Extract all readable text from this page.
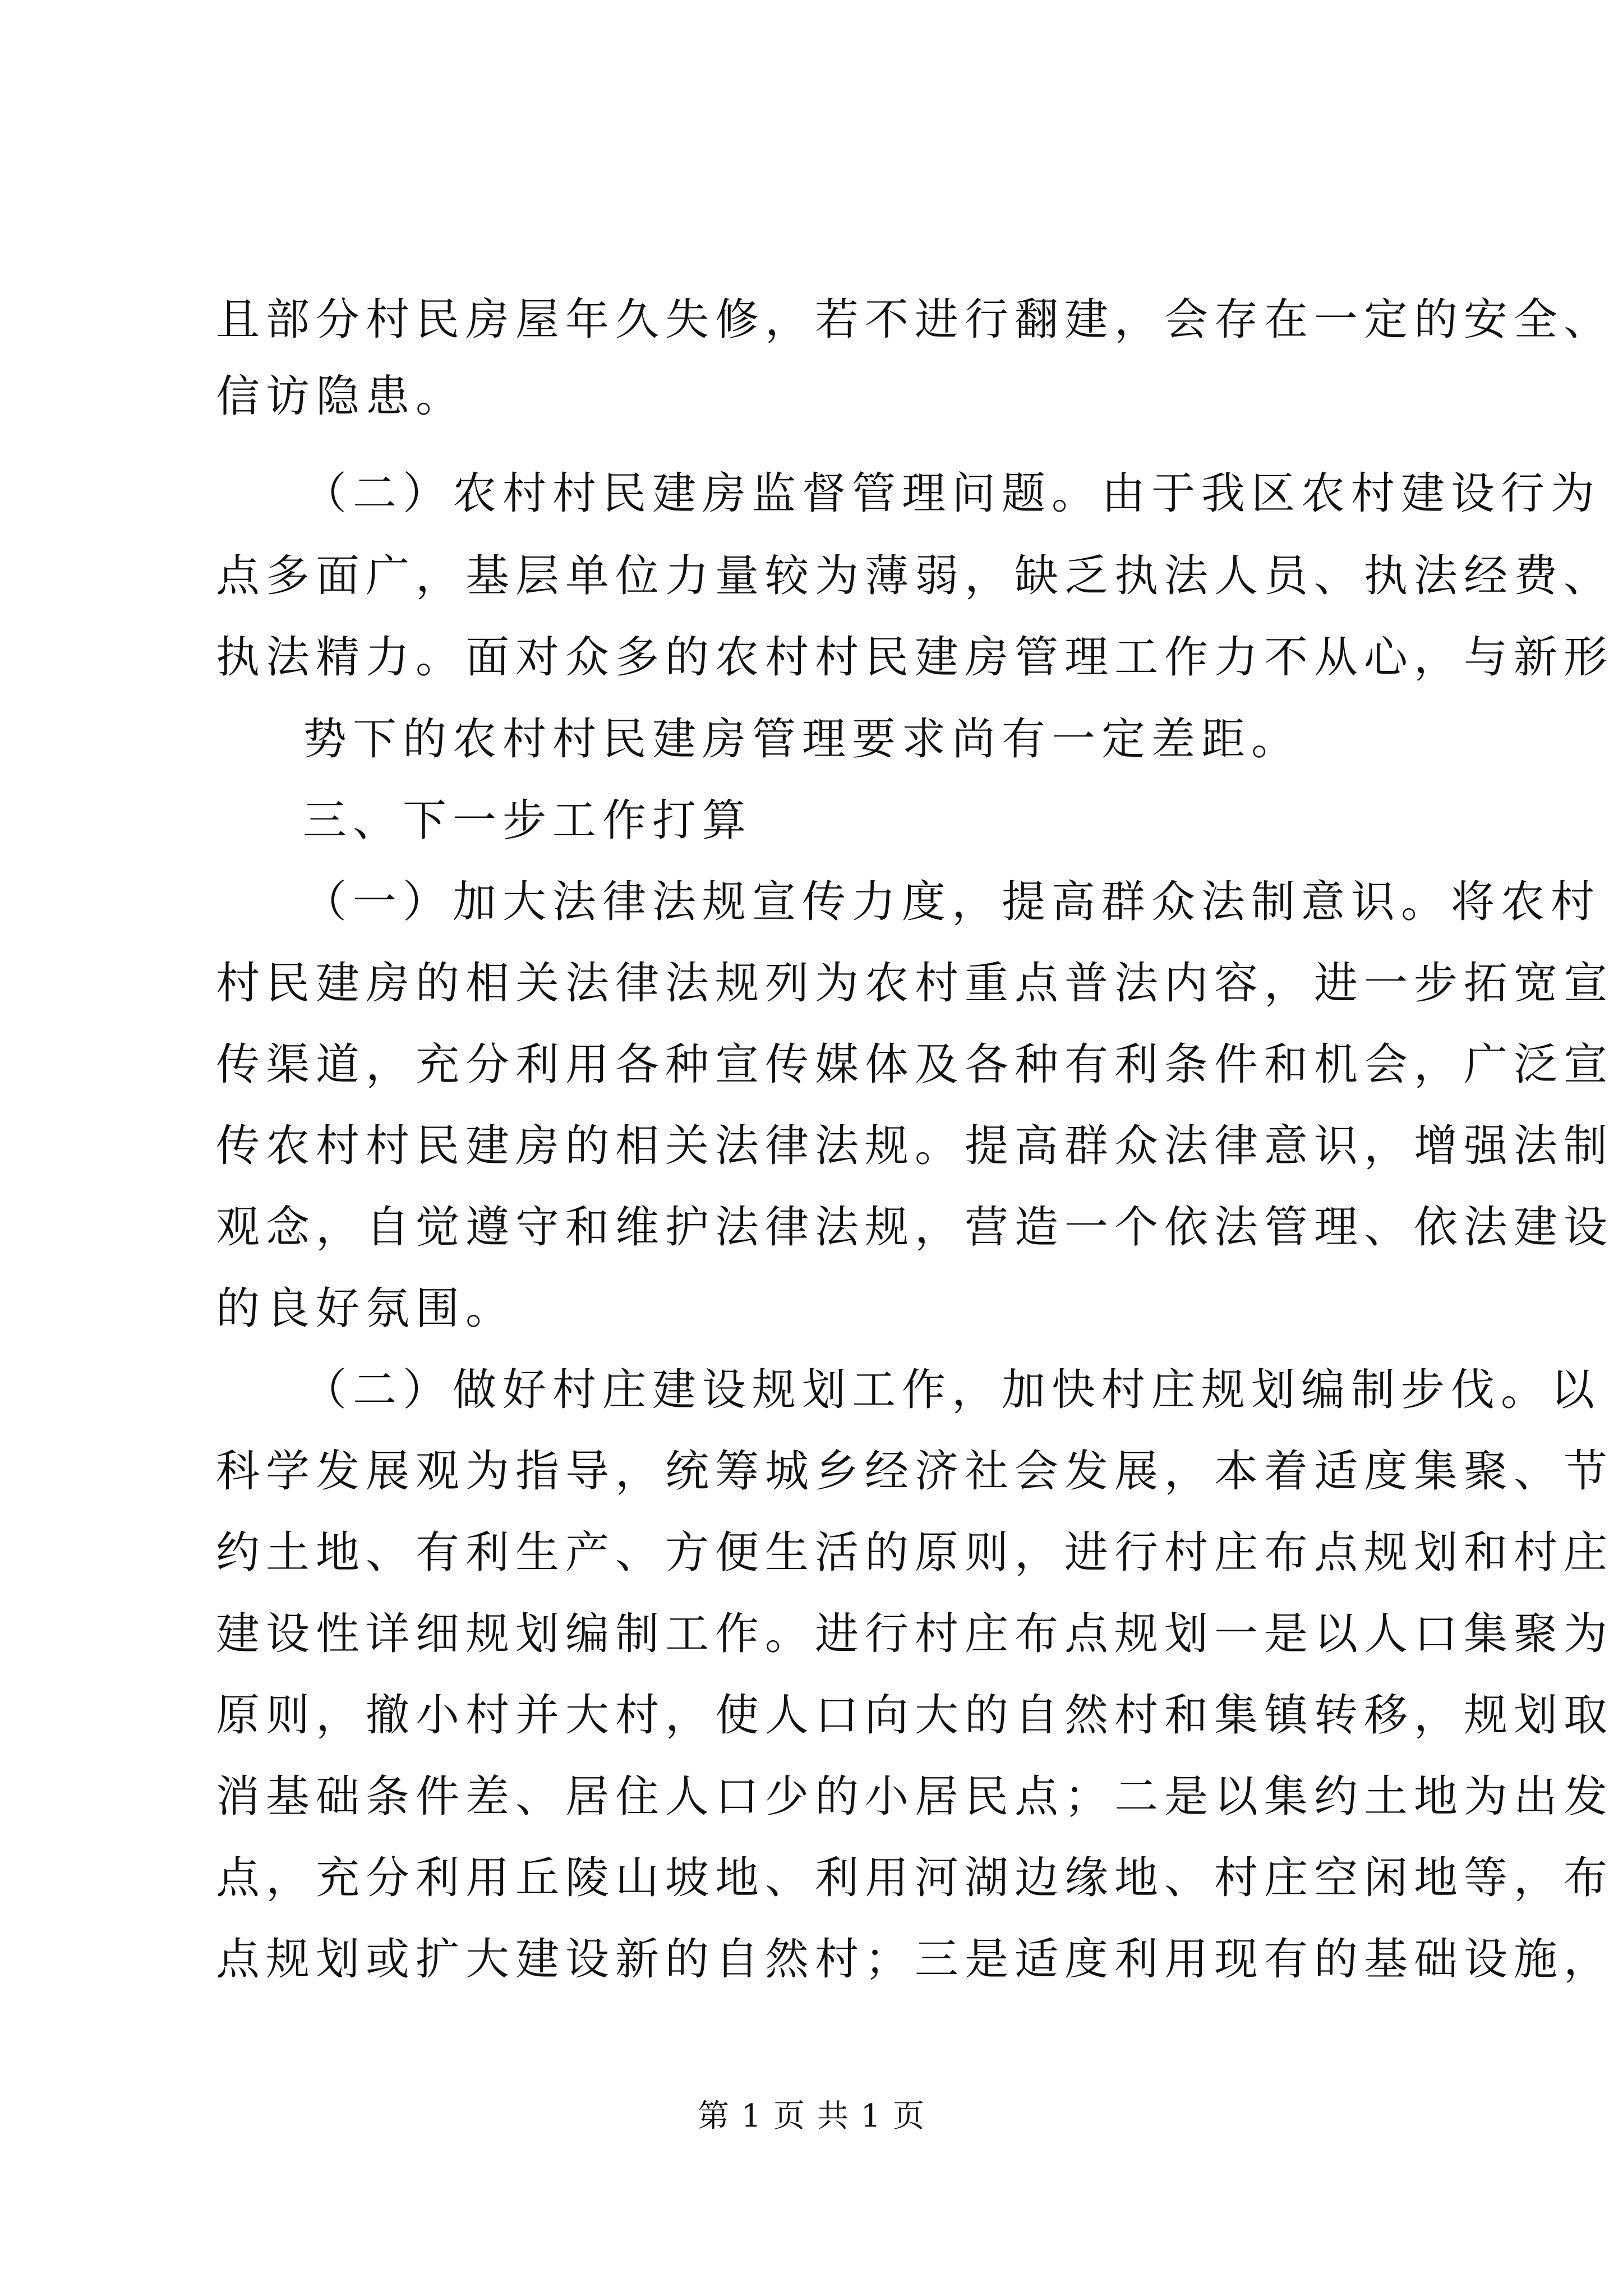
且部分村民房屋年久失修，若不进行翻建，会存在一定的安全、
信访隐患。
（二）农村村民建房监督管理问题。由于我区农村建设行为
点多面广，基层单位力量较为薄弱，缺乏执法人员、执法经费、
执法精力。面对众多的农村村民建房管理工作力不从心，与新形
势下的农村村民建房管理要求尚有一定差距。
三、下一步工作打算
（一）加大法律法规宣传力度，提高群众法制意识。将农村
村民建房的相关法律法规列为农村重点普法内容，进一步拓宽宣
传渠道，充分利用各种宣传媒体及各种有利条件和机会，广泛宣
传农村村民建房的相关法律法规。提高群众法律意识，增强法制
观念，自觉遵守和维护法律法规，营造一个依法管理、依法建设
的良好氛围。
（二）做好村庄建设规划工作，加快村庄规划编制步伐。以
科学发展观为指导，统筹城乡经济社会发展，本着适度集聚、节
约土地、有利生产、方便生活的原则，进行村庄布点规划和村庄
建设性详细规划编制工作。进行村庄布点规划一是以人口集聚为
原则，撤小村并大村，使人口向大的自然村和集镇转移，规划取
消基础条件差、居住人口少的小居民点；二是以集约土地为出发
点，充分利用丘陵山坡地、利用河湖边缘地、村庄空闲地等，布
点规划或扩大建设新的自然村；三是适度利用现有的基础设施，
第 1 页 共 1 页
